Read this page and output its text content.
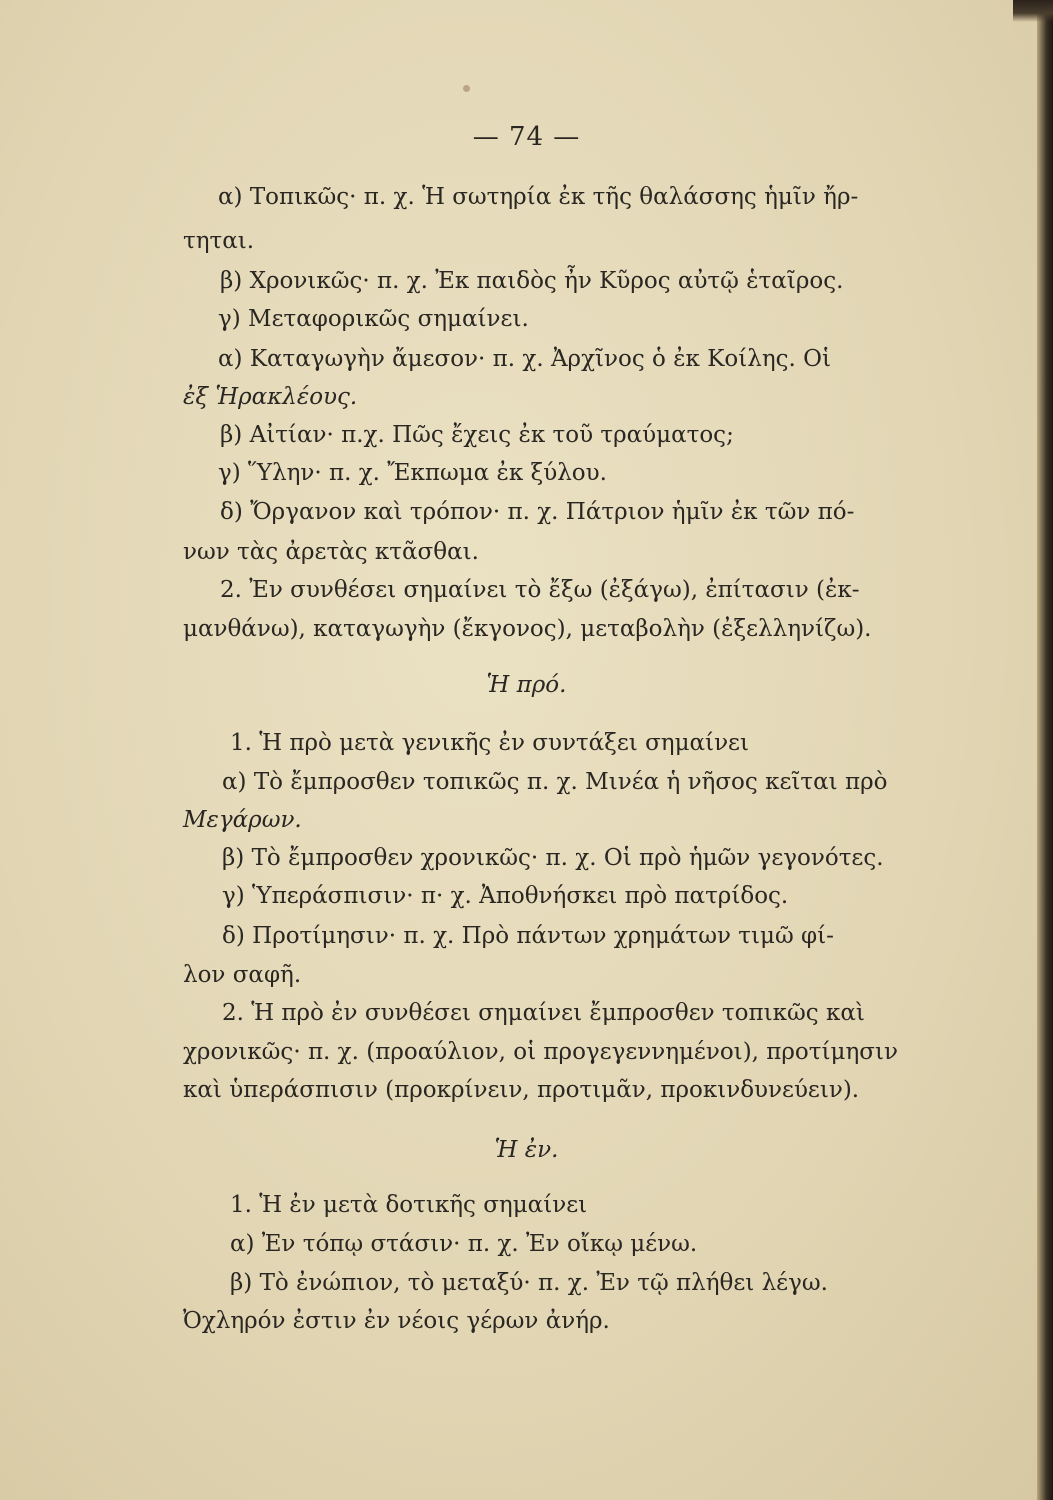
— 74 —
α) Τοπικῶς· π. χ. Ἡ σωτηρία ἐκ τῆς θαλάσσης ἡμῖν ἤρ-
τηται.
β) Χρονικῶς· π. χ. Ἐκ παιδὸς ἦν Κῦρος αὐτῷ ἑταῖρος.
γ) Μεταφορικῶς σημαίνει.
α) Καταγωγὴν ἄμεσον· π. χ. Ἀρχῖνος ὁ ἐκ Κοίλης. Οἱ
ἐξ Ἡρακλέους.
β) Αἰτίαν· π.χ. Πῶς ἔχεις ἐκ τοῦ τραύματος;
γ) Ὕλην· π. χ. Ἔκπωμα ἐκ ξύλου.
δ) Ὄργανον καὶ τρόπον· π. χ. Πάτριον ἡμῖν ἐκ τῶν πό-
νων τὰς ἀρετὰς κτᾶσθαι.
2. Ἐν συνθέσει σημαίνει τὸ ἔξω (ἐξάγω), ἐπίτασιν (ἐκ-
μανθάνω), καταγωγὴν (ἔκγονος), μεταβολὴν (ἐξελληνίζω).
Ἡ πρό.
1. Ἡ πρὸ μετὰ γενικῆς ἐν συντάξει σημαίνει
α) Τὸ ἔμπροσθεν τοπικῶς π. χ. Μινέα ἡ νῆσος κεῖται πρὸ
Μεγάρων.
β) Τὸ ἔμπροσθεν χρονικῶς· π. χ. Οἱ πρὸ ἡμῶν γεγονότες.
γ) Ὑπεράσπισιν· π· χ. Ἀποθνήσκει πρὸ πατρίδος.
δ) Προτίμησιν· π. χ. Πρὸ πάντων χρημάτων τιμῶ φί-
λον σαφῆ.
2. Ἡ πρὸ ἐν συνθέσει σημαίνει ἔμπροσθεν τοπικῶς καὶ
χρονικῶς· π. χ. (προαύλιον, οἱ προγεγεννημένοι), προτίμησιν
καὶ ὑπεράσπισιν (προκρίνειν, προτιμᾶν, προκινδυνεύειν).
Ἡ ἐν.
1. Ἡ ἐν μετὰ δοτικῆς σημαίνει
α) Ἐν τόπῳ στάσιν· π. χ. Ἐν οἴκῳ μένω.
β) Τὸ ἐνώπιον, τὸ μεταξύ· π. χ. Ἐν τῷ πλήθει λέγω.
Ὀχληρόν ἐστιν ἐν νέοις γέρων ἀνήρ.
